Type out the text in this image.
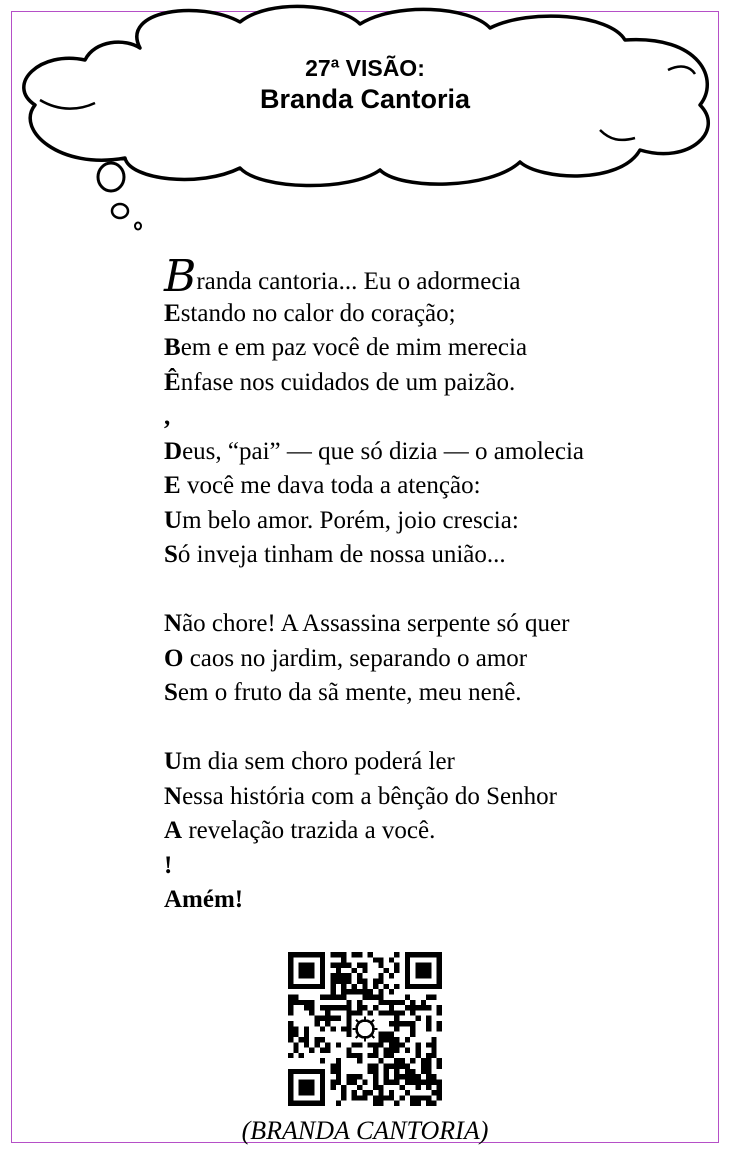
27ª VISÃO:
Branda Cantoria
Branda cantoria... Eu o adormecia
Estando no calor do coração;
Bem e em paz você de mim merecia
Ênfase nos cuidados de um paizão.
,
Deus, “pai” — que só dizia — o amolecia
E você me dava toda a atenção:
Um belo amor. Porém, joio crescia:
Só inveja tinham de nossa união...
Não chore! A Assassina serpente só quer
O caos no jardim, separando o amor
Sem o fruto da sã mente, meu nenê.
Um dia sem choro poderá ler
Nessa história com a bênção do Senhor
A revelação trazida a você.
!
Amém!
(BRANDA CANTORIA)
